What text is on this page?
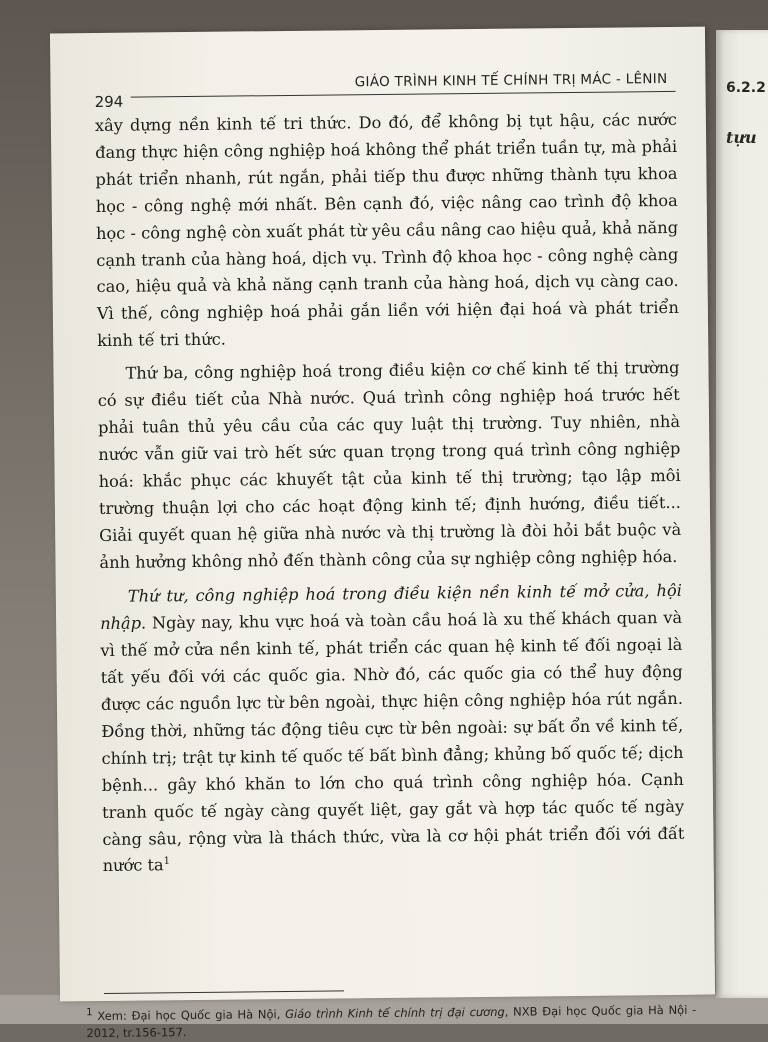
6.2.2
tựu
294
GIÁO TRÌNH KINH TẾ CHÍNH TRỊ MÁC - LÊNIN

xây dựng nền kinh tế tri thức. Do đó, để không bị tụt hậu, các nước đang thực hiện công nghiệp hoá không thể phát triển tuần tự, mà phải phát triển nhanh, rút ngắn, phải tiếp thu được những thành tựu khoa học - công nghệ mới nhất. Bên cạnh đó, việc nâng cao trình độ khoa học - công nghệ còn xuất phát từ yêu cầu nâng cao hiệu quả, khả năng cạnh tranh của hàng hoá, dịch vụ. Trình độ khoa học - công nghệ càng cao, hiệu quả và khả năng cạnh tranh của hàng hoá, dịch vụ càng cao. Vì thế, công nghiệp hoá phải gắn liền với hiện đại hoá và phát triển kinh tế tri thức.

Thứ ba, công nghiệp hoá trong điều kiện cơ chế kinh tế thị trường có sự điều tiết của Nhà nước. Quá trình công nghiệp hoá trước hết phải tuân thủ yêu cầu của các quy luật thị trường. Tuy nhiên, nhà nước vẫn giữ vai trò hết sức quan trọng trong quá trình công nghiệp hoá: khắc phục các khuyết tật của kinh tế thị trường; tạo lập môi trường thuận lợi cho các hoạt động kinh tế; định hướng, điều tiết... Giải quyết quan hệ giữa nhà nước và thị trường là đòi hỏi bắt buộc và ảnh hưởng không nhỏ đến thành công của sự nghiệp công nghiệp hóa.

Thứ tư, công nghiệp hoá trong điều kiện nền kinh tế mở cửa, hội nhập. Ngày nay, khu vực hoá và toàn cầu hoá là xu thế khách quan và vì thế mở cửa nền kinh tế, phát triển các quan hệ kinh tế đối ngoại là tất yếu đối với các quốc gia. Nhờ đó, các quốc gia có thể huy động được các nguồn lực từ bên ngoài, thực hiện công nghiệp hóa rút ngắn. Đồng thời, những tác động tiêu cực từ bên ngoài: sự bất ổn về kinh tế, chính trị; trật tự kinh tế quốc tế bất bình đẳng; khủng bố quốc tế; dịch bệnh... gây khó khăn to lớn cho quá trình công nghiệp hóa. Cạnh tranh quốc tế ngày càng quyết liệt, gay gắt và hợp tác quốc tế ngày càng sâu, rộng vừa là thách thức, vừa là cơ hội phát triển đối với đất nước $ta^1$

$^1$ Xem: Đại học Quốc gia Hà Nội, Giáo trình Kinh tế chính trị đại cương, NXB Đại học Quốc gia Hà Nội - 2012, tr.156-157.
